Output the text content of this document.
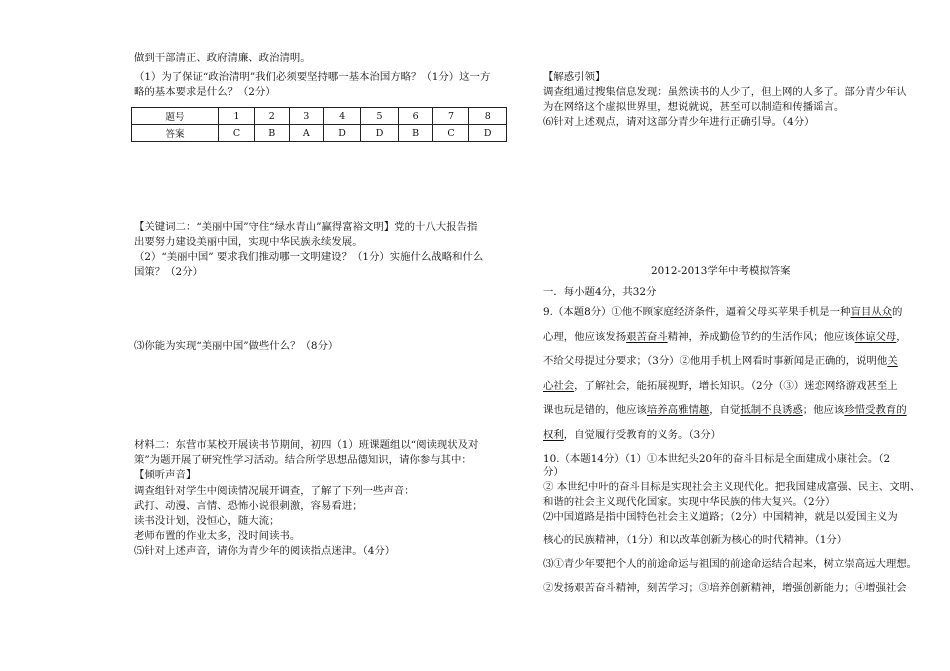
做到干部清正、政府清廉、政治清明。
（1）为了保证“政治清明”我们必须要坚持哪一基本治国方略？（1分）这一方
略的基本要求是什么？（2分）
题号	1	2	3	4	5	6	7	8
答案	C	B	A	D	D	B	C	D
【关键词二：“美丽中国”守住“绿水青山”赢得富裕文明】党的十八大报告指
出要努力建设美丽中国，实现中华民族永续发展。
（2）“美丽中国” 要求我们推动哪一文明建设？（1分）实施什么战略和什么
国策？（2分）
⑶你能为实现“美丽中国”做些什么？（8分）
材料二：东营市某校开展读书节期间，初四（1）班课题组以“阅读现状及对
策”为题开展了研究性学习活动。结合所学思想品德知识，请你参与其中：
【倾听声音】
调查组针对学生中阅读情况展开调查，了解了下列一些声音：
武打、动漫、言情、恐怖小说很刺激，容易看进；
读书没计划，没恒心，随大流；
老师布置的作业太多，没时间读书。
⑸针对上述声音，请你为青少年的阅读指点迷津。（4分）
【解惑引领】
调查组通过搜集信息发现：虽然读书的人少了，但上网的人多了。部分青少年认
为在网络这个虚拟世界里，想说就说，甚至可以制造和传播谣言。
⑹针对上述观点，请对这部分青少年进行正确引导。（4分）
2012-2013学年中考模拟答案
一．每小题4分，共32分
9.（本题8分）①他不顾家庭经济条件，逼着父母买苹果手机是一种盲目从众的
心理，他应该发扬艰苦奋斗精神，养成勤俭节约的生活作风；他应该体谅父母，
不给父母提过分要求；（3分）②他用手机上网看时事新闻是正确的，说明他关
心社会，了解社会，能拓展视野，增长知识。（2分（③）迷恋网络游戏甚至上
课也玩是错的，他应该培养高雅情趣，自觉抵制不良诱惑；他应该珍惜受教育的
权利，自觉履行受教育的义务。（3分）
10.（本题14分）（1）①本世纪头20年的奋斗目标是全面建成小康社会。（2
分）
② 本世纪中叶的奋斗目标是实现社会主义现代化。把我国建成富强、民主、文明、
和谐的社会主义现代化国家。实现中华民族的伟大复兴。（2分）
⑵中国道路是指中国特色社会主义道路；（2分）中国精神，就是以爱国主义为
核心的民族精神，（1分）和以改革创新为核心的时代精神。（1分）
⑶①青少年要把个人的前途命运与祖国的前途命运结合起来，树立崇高远大理想。
②发扬艰苦奋斗精神，刻苦学习；③培养创新精神，增强创新能力；④增强社会
